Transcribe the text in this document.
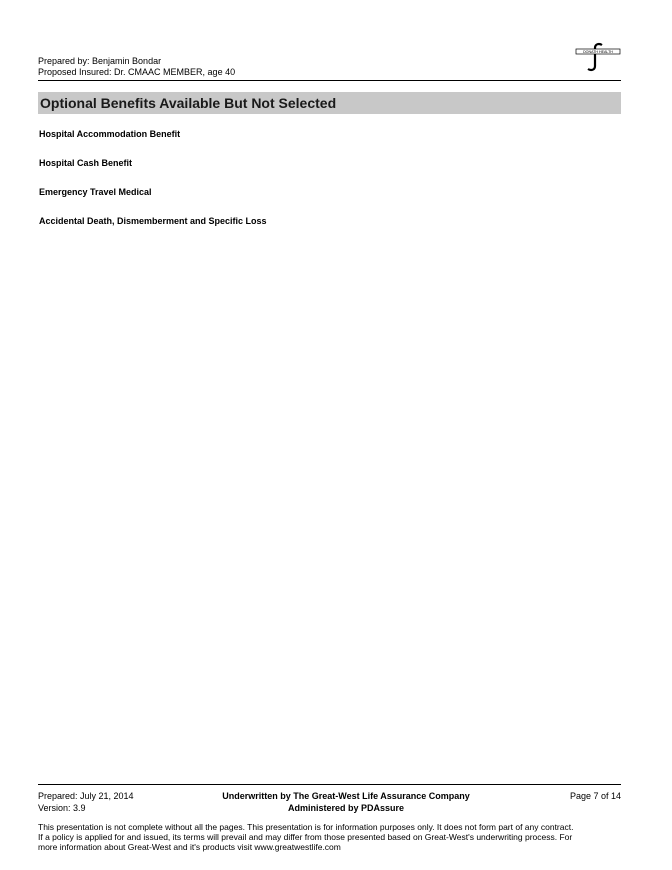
Prepared by: Benjamin Bondar
Proposed Insured: Dr. CMAAC MEMBER, age 40
DONATH HEALTH
Optional Benefits Available But Not Selected
Hospital Accommodation Benefit
Hospital Cash Benefit
Emergency Travel Medical
Accidental Death, Dismemberment and Specific Loss
Prepared: July 21, 2014
Version: 3.9
Underwritten by The Great-West Life Assurance Company
Administered by PDAssure
Page 7 of 14
This presentation is not complete without all the pages. This presentation is for information purposes only. It does not form part of any contract.
If a policy is applied for and issued, its terms will prevail and may differ from those presented based on Great-West's underwriting process. For
more information about Great-West and it's products visit www.greatwestlife.com
